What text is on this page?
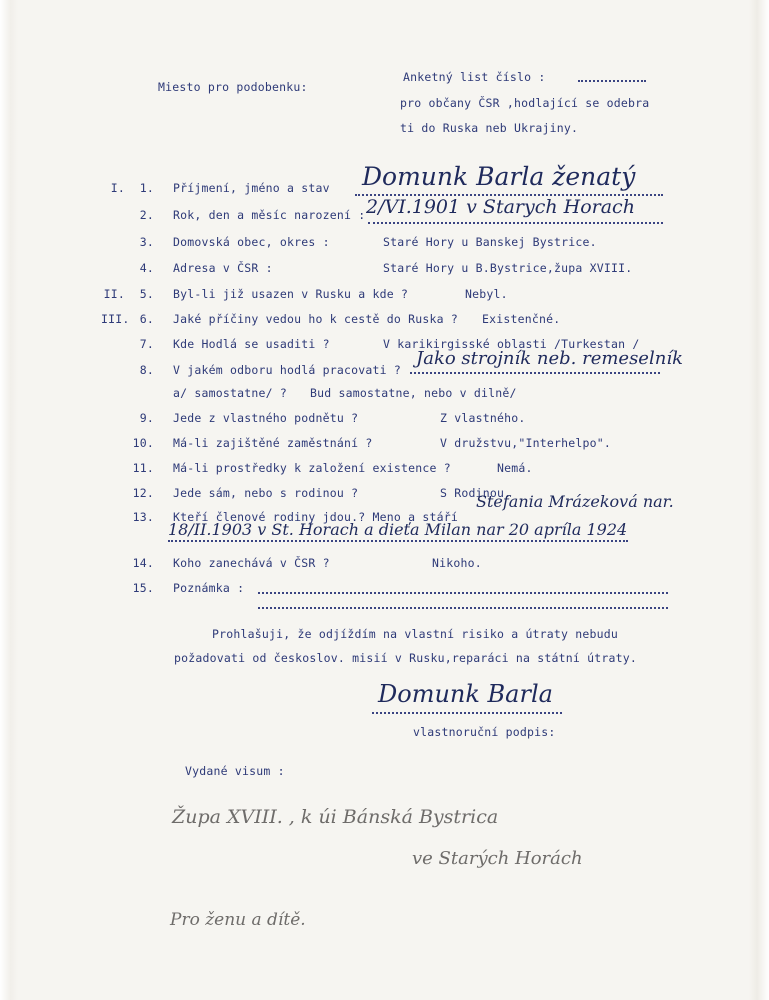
Miesto pro podobenku:
Anketný list číslo :
pro občany ČSR ,hodlající se odebra
ti do Ruska neb Ukrajiny.
I.	1. Příjmení, jméno a stav Domunk Barla ženatý
2. Rok, den a měsíc narození : 2/VI.1901 v Starych Horach
3. Domovská obec, okres :	Staré Hory u Banskej Bystrice.
4. Adresa v ČSR :	Staré Hory u B.Bystrice,župa XVIII.
II.	5. Byl-li již usazen v Rusku a kde ?	Nebyl.
III. 6. Jaké příčiny vedou ho k cestě do Ruska ? Existenčné.
7. Kde Hodlá se usaditi ?	V karikirgisské oblasti /Turkestan /
8. V jakém odboru hodlá pracovati ?
Jako strojník neb. remeselník
a/ samostatne/ ? Bud samostatne, nebo v dilně/
9. Jede z vlastného podnětu ?	Z vlastného.
10. Má-li zajištěné zaměstnání ?	V družstvu,"Interhelpo".
11. Má-li prostředky k založení existence ?	Nemá.
12. Jede sám, nebo s rodinou ?	S Rodinou.
13. Kteří členové rodiny jdou.? Meno a stáří
Stefania Mrázeková nar.
18/II.1903 v St. Horach a dieťa Milan nar 20 apríla 1924
14. Koho zanechává v ČSR ?	Nikoho.
15. Poznámka :
Prohlašuji, že odjíždím na vlastní risiko a útraty nebudu
požadovati od českoslov. misií v Rusku,reparáci na státní útraty.
Domunk Barla
vlastnoruční podpis:
Vydané visum :
Župa XVIII. , k úi Bánská Bystrica
ve Starých Horách
Pro ženu a dítě.
